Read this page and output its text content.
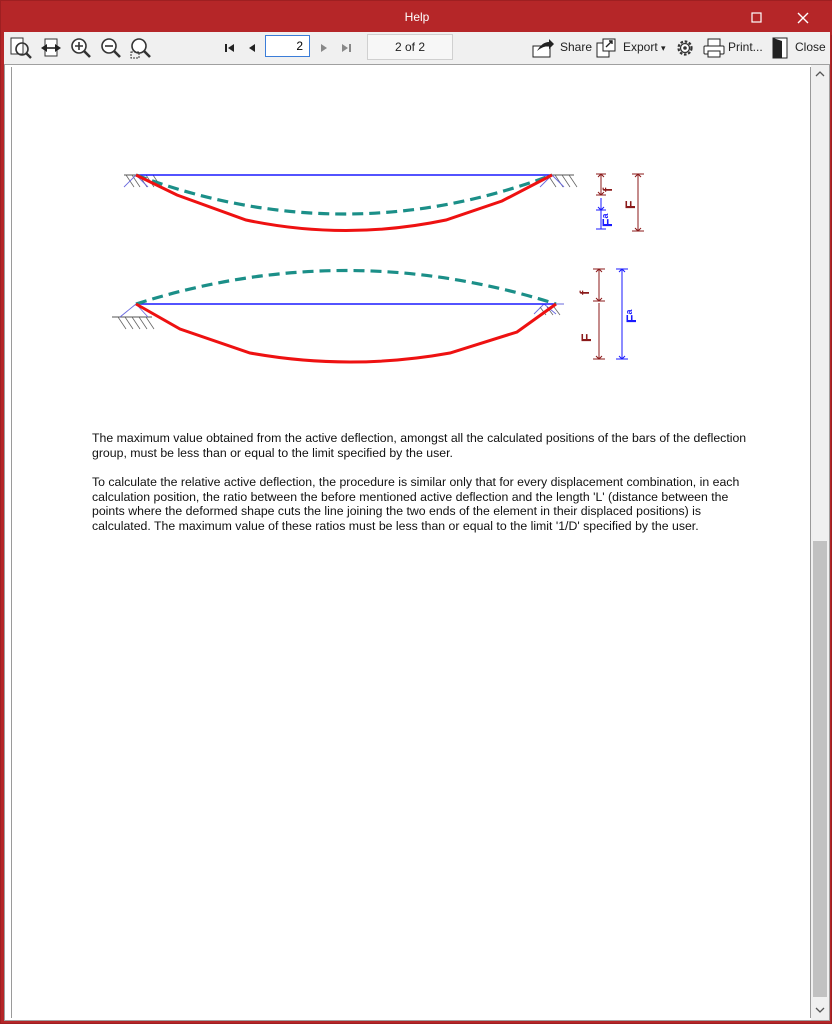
Help
2
2 of 2	Share	Export ▾	Print...	Close
f
$F^a$
F
f
F
$F^a$
The maximum value obtained from the active deflection, amongst all the calculated positions of the bars of the deflection group, must be less than or equal to the limit specified by the user.
To calculate the relative active deflection, the procedure is similar only that for every displacement combination, in each calculation position, the ratio between the before mentioned active deflection and the length 'L' (distance between the points where the deformed shape cuts the line joining the two ends of the element in their displaced positions) is calculated. The maximum value of these ratios must be less than or equal to the limit '1/D' specified by the user.
